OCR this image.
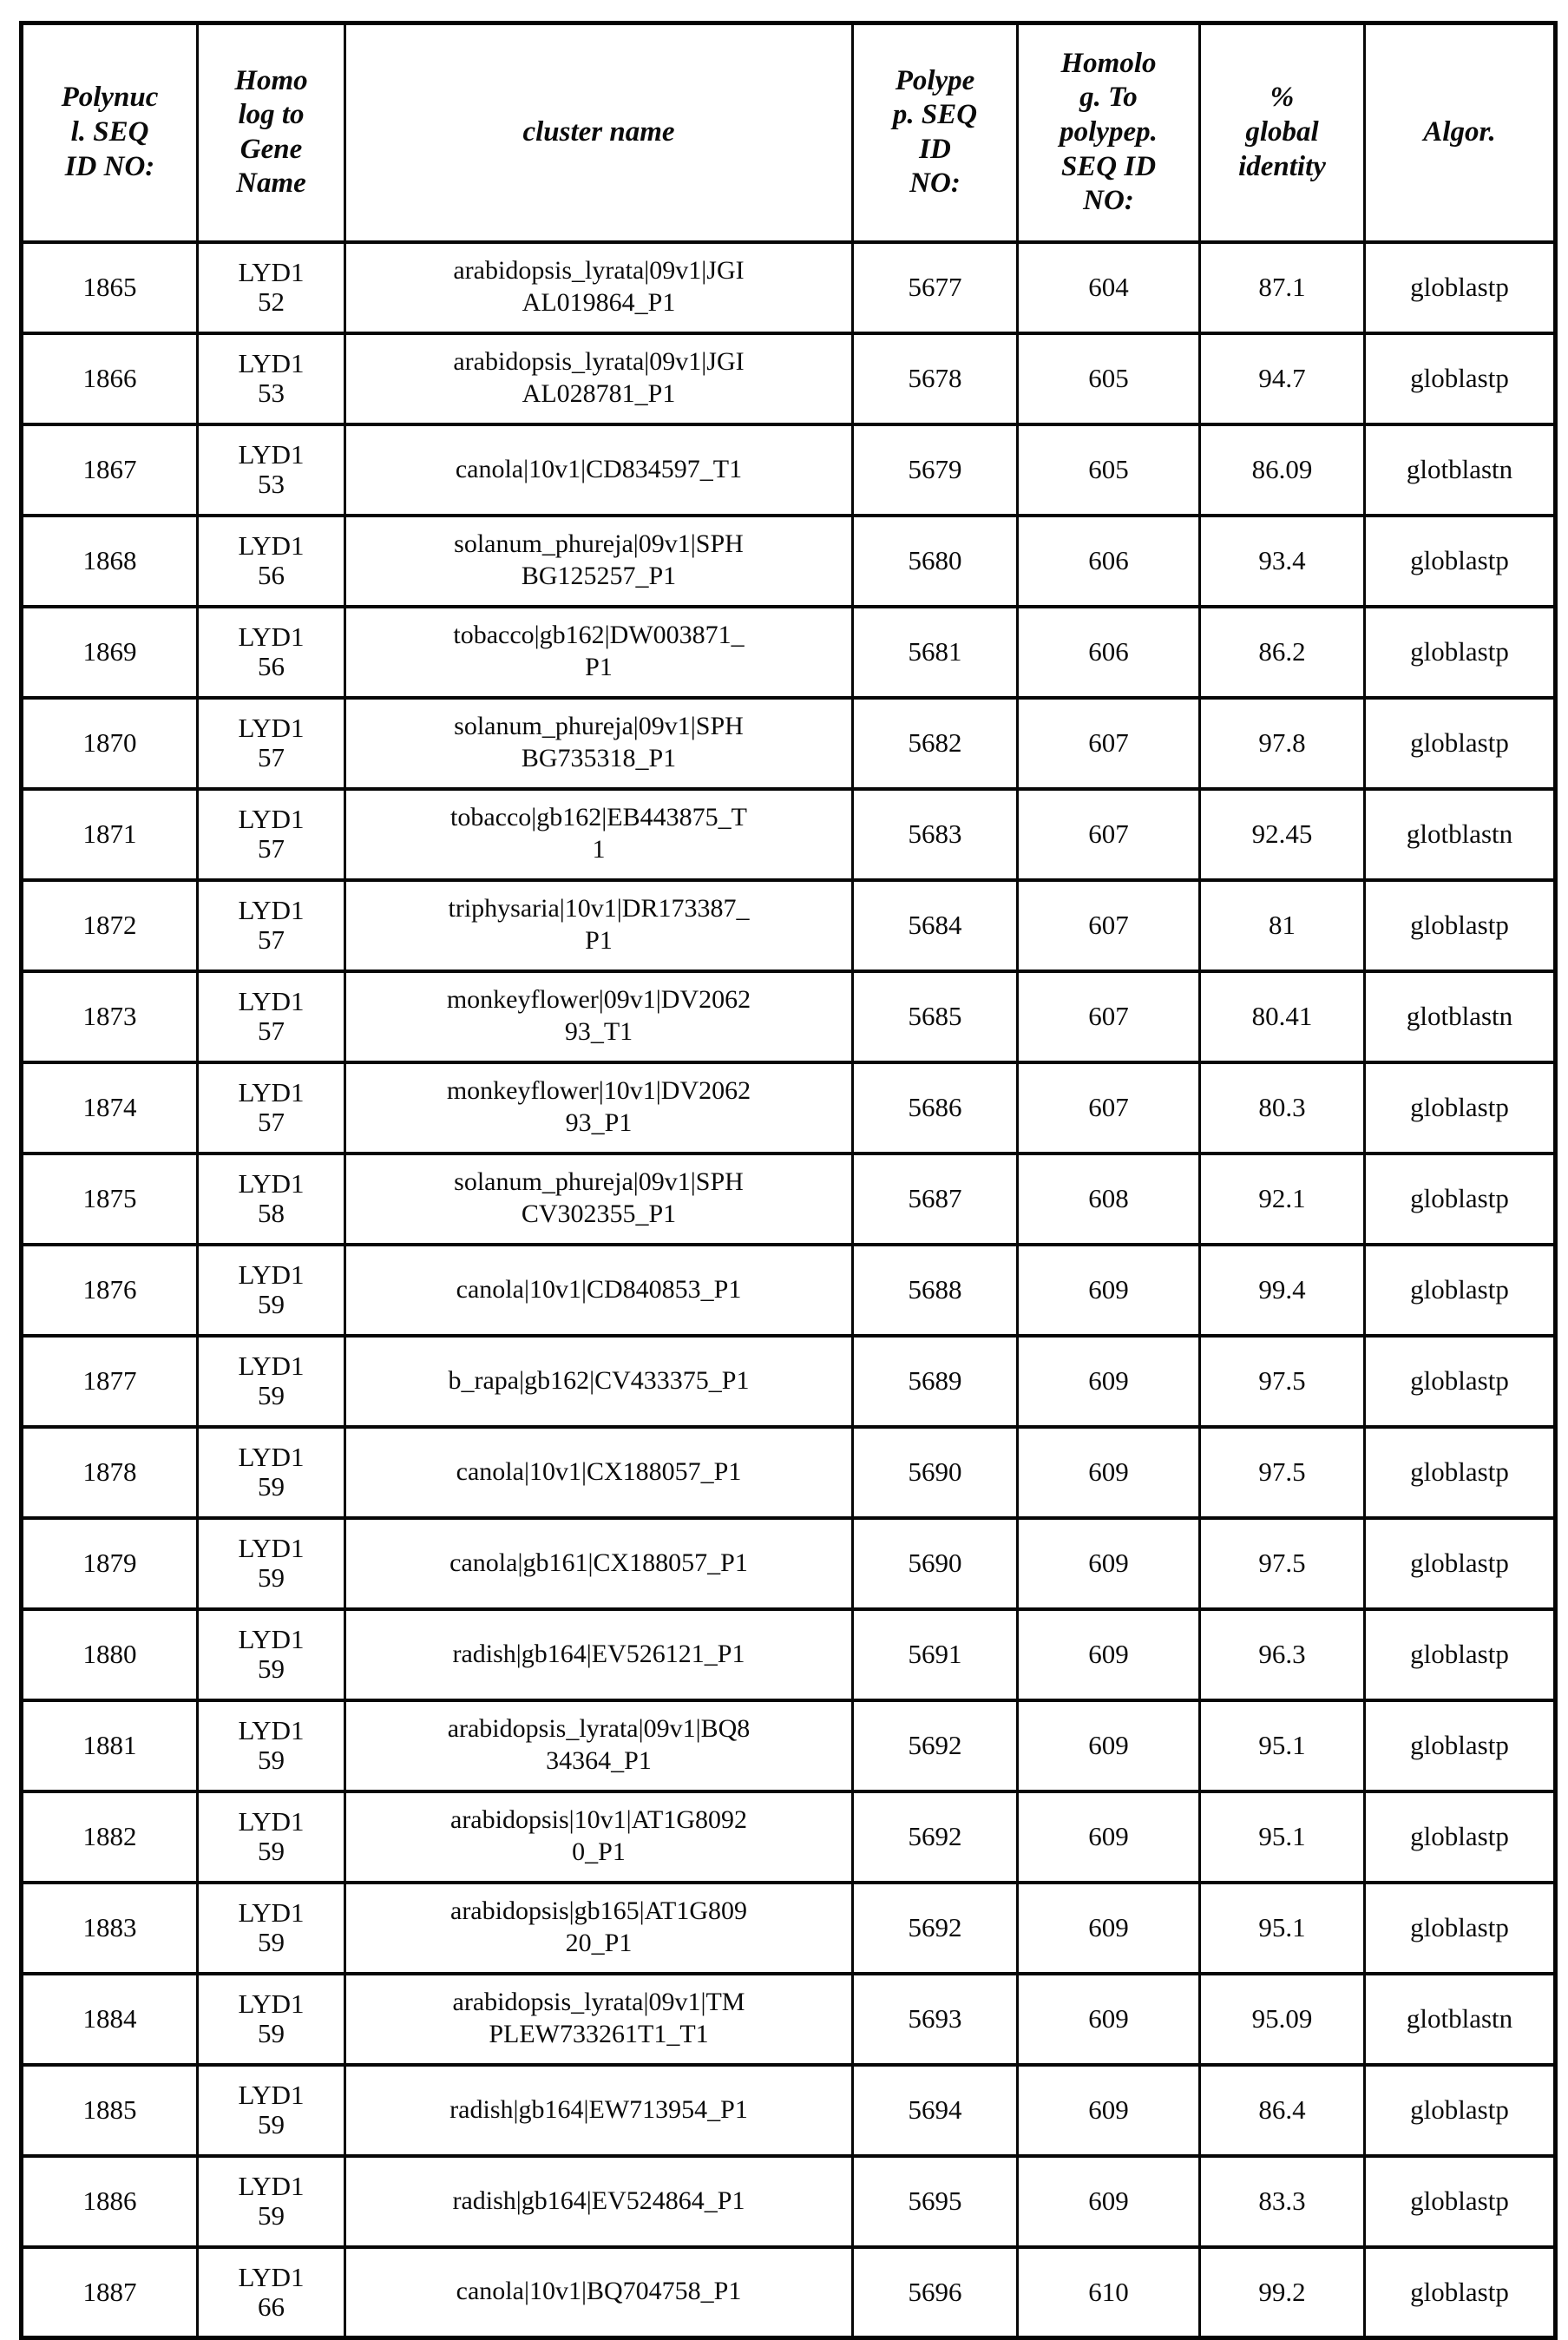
Polynuc
l. SEQ
ID NO:	Homo
log to
Gene
Name	cluster name	Polype
p. SEQ
ID
NO:	Homolo
g. To
polypep.
SEQ ID
NO:	%
global
identity	Algor.
1865	LYD1
52	arabidopsis_lyrata|09v1|JGI
AL019864_P1	5677	604	87.1	globlastp
1866	LYD1
53	arabidopsis_lyrata|09v1|JGI
AL028781_P1	5678	605	94.7	globlastp
1867	LYD1
53	canola|10v1|CD834597_T1	5679	605	86.09	glotblastn
1868	LYD1
56	solanum_phureja|09v1|SPH
BG125257_P1	5680	606	93.4	globlastp
1869	LYD1
56	tobacco|gb162|DW003871_
P1	5681	606	86.2	globlastp
1870	LYD1
57	solanum_phureja|09v1|SPH
BG735318_P1	5682	607	97.8	globlastp
1871	LYD1
57	tobacco|gb162|EB443875_T
1	5683	607	92.45	glotblastn
1872	LYD1
57	triphysaria|10v1|DR173387_
P1	5684	607	81	globlastp
1873	LYD1
57	monkeyflower|09v1|DV2062
93_T1	5685	607	80.41	glotblastn
1874	LYD1
57	monkeyflower|10v1|DV2062
93_P1	5686	607	80.3	globlastp
1875	LYD1
58	solanum_phureja|09v1|SPH
CV302355_P1	5687	608	92.1	globlastp
1876	LYD1
59	canola|10v1|CD840853_P1	5688	609	99.4	globlastp
1877	LYD1
59	b_rapa|gb162|CV433375_P1	5689	609	97.5	globlastp
1878	LYD1
59	canola|10v1|CX188057_P1	5690	609	97.5	globlastp
1879	LYD1
59	canola|gb161|CX188057_P1	5690	609	97.5	globlastp
1880	LYD1
59	radish|gb164|EV526121_P1	5691	609	96.3	globlastp
1881	LYD1
59	arabidopsis_lyrata|09v1|BQ8
34364_P1	5692	609	95.1	globlastp
1882	LYD1
59	arabidopsis|10v1|AT1G8092
0_P1	5692	609	95.1	globlastp
1883	LYD1
59	arabidopsis|gb165|AT1G809
20_P1	5692	609	95.1	globlastp
1884	LYD1
59	arabidopsis_lyrata|09v1|TM
PLEW733261T1_T1	5693	609	95.09	glotblastn
1885	LYD1
59	radish|gb164|EW713954_P1	5694	609	86.4	globlastp
1886	LYD1
59	radish|gb164|EV524864_P1	5695	609	83.3	globlastp
1887	LYD1
66	canola|10v1|BQ704758_P1	5696	610	99.2	globlastp
